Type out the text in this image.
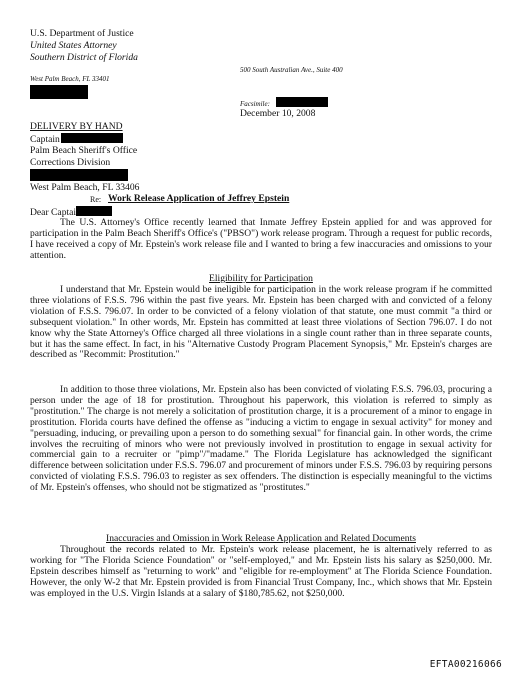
U.S. Department of Justice
United States Attorney
Southern District of Florida
500 South Australian Ave., Suite 400
West Palm Beach, FL 33401
Facsimile:
December 10, 2008
DELIVERY BY HAND
Captain
Palm Beach Sheriff's Office
Corrections Division
West Palm Beach, FL 33406
Re: Work Release Application of Jeffrey Epstein
Dear Captai
The U.S. Attorney's Office recently learned that Inmate Jeffrey Epstein applied for and was approved for participation in the Palm Beach Sheriff's Office's ("PBSO") work release program. Through a request for public records, I have received a copy of Mr. Epstein's work release file and I wanted to bring a few inaccuracies and omissions to your attention.
Eligibility for Participation
I understand that Mr. Epstein would be ineligible for participation in the work release program if he committed three violations of F.S.S. 796 within the past five years. Mr. Epstein has been charged with and convicted of a felony violation of F.S.S. 796.07. In order to be convicted of a felony violation of that statute, one must commit "a third or subsequent violation." In other words, Mr. Epstein has committed at least three violations of Section 796.07. I do not know why the State Attorney's Office charged all three violations in a single count rather than in three separate counts, but it has the same effect. In fact, in his "Alternative Custody Program Placement Synopsis," Mr. Epstein's charges are described as "Recommit: Prostitution."
In addition to those three violations, Mr. Epstein also has been convicted of violating F.S.S. 796.03, procuring a person under the age of 18 for prostitution. Throughout his paperwork, this violation is referred to simply as "prostitution." The charge is not merely a solicitation of prostitution charge, it is a procurement of a minor to engage in prostitution. Florida courts have defined the offense as "inducing a victim to engage in sexual activity" for money and "persuading, inducing, or prevailing upon a person to do something sexual" for financial gain. In other words, the crime involves the recruiting of minors who were not previously involved in prostitution to engage in sexual activity for commercial gain to a recruiter or "pimp"/"madame." The Florida Legislature has acknowledged the significant difference between solicitation under F.S.S. 796.07 and procurement of minors under F.S.S. 796.03 by requiring persons convicted of violating F.S.S. 796.03 to register as sex offenders. The distinction is especially meaningful to the victims of Mr. Epstein's offenses, who should not be stigmatized as "prostitutes."
Inaccuracies and Omission in Work Release Application and Related Documents
Throughout the records related to Mr. Epstein's work release placement, he is alternatively referred to as working for "The Florida Science Foundation" or "self-employed," and Mr. Epstein lists his salary as $250,000. Mr. Epstein describes himself as "returning to work" and "eligible for re-employment" at The Florida Science Foundation. However, the only W-2 that Mr. Epstein provided is from Financial Trust Company, Inc., which shows that Mr. Epstein was employed in the U.S. Virgin Islands at a salary of $180,785.62, not $250,000.
EFTA00216066
